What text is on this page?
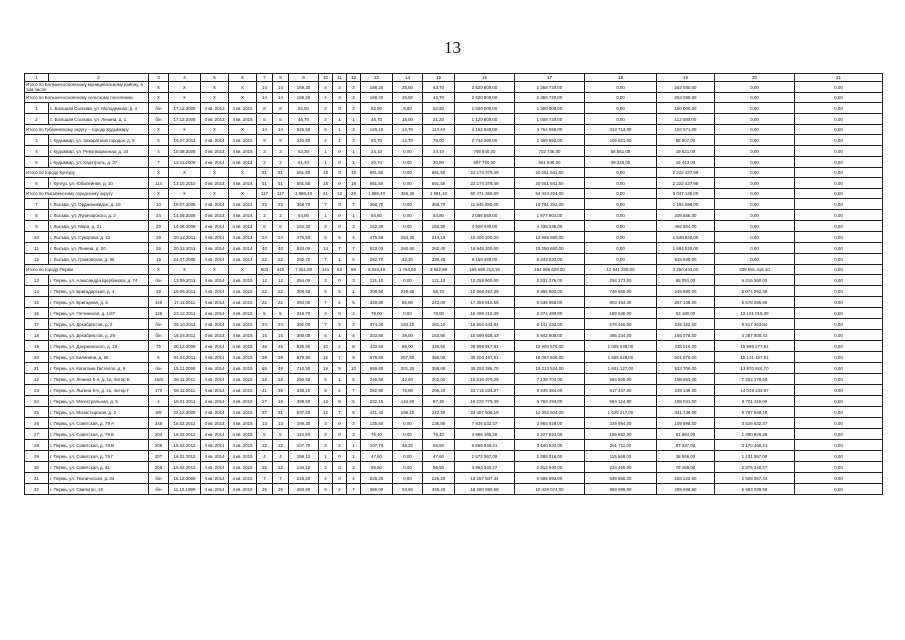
13
1	2	3	4	5	6	7	8	9	10	11	12	13	14	15	16	17	18	19	20	21
Итого по Большесосновскому муниципальному району, в том числе		X	X	X	X	14	14	169,20	4	3	3	169,20	25,50	43,70	2 620 800,00	2 358 720,00	0,00	262 080,00	0,00	0,00
Итого по Большесосновскому сельскому поселению		X	X	X	X	14	14	169,20	4	3	3	169,20	25,50	43,70	2 620 800,00	2 358 720,00	0,00	262 080,00	0,00	0,00
1	с. Большая Соснова, ул. Молодежная, д. 4	б/н	17.12.2009	4 кв. 2013	4 кв. 2015	8	8	62,50	2	0	2	62,50	9,60	62,50	1 500 000,00	1 350 000,00	0,00	150 000,00	0,00	0,00
2	с. Большая Соснова, ул. Ленина, д. 1	б/н	17.12.2009	4 кв. 2013	4 кв. 2015	6	6	46,70	2	1	1	46,70	15,90	21,20	1 120 800,00	1 008 720,00	0,00	112 080,00	0,00	0,00
Итого по Губахинскому округу – городу Кудымкару		X	X	X	X	14	14	925,50	5	1	3	120,10	14,70	114,40	4 162 840,00	3 764 556,00	313 713,00	104 571,00	0,00	0,00
3	г. Кудымкар, ул. Захаратный городок, д. 9	5	16.07.2011	4 кв. 2014	4 кв. 2015	9	9	220,50	4	1	3	93,70	14,70	79,00	2 744 280,00	2 469 852,00	205 821,00	68 607,00	0,00	0,00
4	г. Кудымкар, ул. Революционная, д. 24	4	10.08.2009	4 кв. 2014	4 кв. 2015	3	3	63,30	1	0	1	24,10	0,00	24,10	769 840,00	702 736,00	58 561,00	19 521,00	0,00	0,00
5	г. Кудымкар, ул. Хадзтроль, д. 37	7	12.11.2009	4 кв. 2014	4 кв. 2014	2	2	81,40	1	0	1	20,70	0,00	20,90	657 720,00	591 948,00	49 329,00	16 443,00	0,00	0,00
Итого по городу Кунгуру		X	X	X	X	51	51	691,50	18	0	18	691,50	0,00	691,50	22 274 379,48	20 051 941,50	0,00	2 222 437,98	0,00	0,00
6	г. Кунгур, ул. Юбилейная, д. 10	114	13.10.2010	4 кв. 2014	4 кв. 2014	51	51	691,50	18	0	18	691,50	0,00	691,50	22 274 379,48	20 051 941,50	0,00	2 222 437,98	0,00	0,00
Итого по Лысьвенскому городскому округу		X	X	X	X	117	117	1 886,40	41	13	28	1 886,40	365,30	1 591,10	60 471 360,00	54 424 224,00	0,00	6 047 136,00	0,00	0,00
7	г. Лысьва, ул. Орджоникидзе, д. 19	10	19.07.2006	4 кв. 2014	4 кв. 2014	23	23	368,70	7	0	7	368,70	0,00	368,70	11 945 880,00	10 751 292,00	0,00	1 194 588,00	0,00	0,00
8	г. Лысьва, ул. Луначарского, д. 2	24	14.08.2008	4 кв. 2014	4 кв. 2014	2	2	64,80	1	0	1	64,80	0,00	64,80	2 086 560,00	1 877 904,00	0,00	208 656,00	0,00	0,00
9	г. Лысьва, ул. Мира, д. 21	29	14.08.2008	4 кв. 2014	4 кв. 2014	6	6	152,30	3	0	3	152,30	0,00	152,30	4 928 040,00	4 435 236,00	0,00	492 804,00	0,00	0,00
10	г. Лысьва, ул. Суворова, д. 22	28	20.12.2011	4 кв. 2014	4 кв. 2014	24	24	475,50	5	5	4	475,50	263,40	214,10	15 406 200,00	13 865 580,00	0,00	1 540 620,00	0,00	0,00
11	г. Лысьва, ул. Ленина, д. 20	26	20.12.2011	4 кв. 2014	4 кв. 2014	40	40	523,00	14	7	7	523,00	260,60	262,40	16 945 200,00	15 250 680,00	0,00	1 694 520,00	0,00	0,00
12	г. Лысьва, ул. Громовская, д. 96	16	24.07.2008	4 кв. 2014	4 кв. 2014	22	22	282,70	7	1	6	282,70	43,30	239,40	9 159 480,00	8 243 532,00	0,00	915 948,00	0,00	0,00
Итого по городу Перми		X	X	X	X	503	440	7 361,90	141	53	88	5 326,49	1 764,50	3 562,99	169 689 213,16	154 066 629,00	12 541 335,00	4 250 443,00	339 591 415,10	0,00
13	г. Пермь, ул. Александра Щербакова, д. 74	б/н	13.09.2011	4 кв. 2014	4 кв. 2015	12	12	354,00	3	0	3	121,10	0,00	121,10	10 259 900,00	3 531 276,00	294 273,00	98 091,00	6 316 260,00	0,00
14	г. Пермь, ул. Бригадирская, д. 4	28	16.06.2011	4 кв. 2014	4 кв. 2015	22	22	308,50	6	5	1	308,50	229,80	68,70	10 669 492,39	9 995 860,00	749 655,00	249 885,00	5 074 092,39	0,00
15	г. Пермь, ул. Бригадная, д. 5	146	17.11.2011	4 кв. 2014	4 кв. 2015	22	22	394,00	7	2	5	329,80	86,80	243,00	17 359 815,56	9 636 968,00	803 484,00	267 108,00	6 678 285,56	0,00
16	г. Пермь, ул. Гатчинская, д. 1/37	125	23.12.2011	4 кв. 2014	4 кв. 2015	5	5	316,70	2	0	2	78,00	0,00	78,00	15 499 215,39	2 274 480,00	189 540,00	63 180,00	13 121 015,39	0,00
17	г. Пермь, ул. Декабристов, д. 2	б/н	25.10.2011	4 кв. 2014	4 кв. 2015	24	24	392,00	7	5	2	374,20	193,10	181,10	18 563 443,84	8 141 432,00	678 456,00	226 152,00	9 517 363,84	0,00
18	г. Пермь, ул. Декабристов, д. 29	б/н	18.04.2011	4 кв. 2014	4 кв. 2015	15	15	300,00	5	1	4	203,80	39,90	163,90	10 590 928,43	5 942 808,00	495 234,00	165 078,00	4 367 808,43	0,00
19	г. Пермь, ул. Дзержинского, д. 18	75	30.12.2009	4 кв. 2014	4 кв. 2015	46	45	526,90	10	2	8	433,60	85,00	325,60	28 998 917,81	12 904 576,00	1 005 048,00	335 016,00	15 998 277,81	0,00
20	г. Пермь, ул. Калинина, д. 66	6	04.04.2011	4 кв. 2014	4 кв. 2015	39	39	679,80	16	7	9	679,80	257,60	356,00	35 200 497,81	18 067 536,00	1 505 628,00	501 876,00	15 131 457,81	0,00
21	г. Пермь, ул. Капитана Гастелло, д. 6	б/н	15.12.2009	4 кв. 2014	4 кв. 2015	65	49	710,50	19	9	10	659,80	301,20	358,60	35 293 286,70	19 213 524,00	1 601 127,00	533 709,00	13 870 926,70	0,00
22	г. Пермь, ул. Ленина 5-я, д. 1а, литер Б	16/8	08.11.2011	4 кв. 2014	4 кв. 2015	18	18	256,50	6	1	5	246,50	42,60	202,00	15 516 376,29	7 138 704,00	594 505,00	198 853,00	7 202 178,29	0,00
23	г. Пермь, ул. Лыгина 5-я, д. 1а, литер Г	170	08.11.2011	4 кв. 2014	4 кв. 2015	41	38	338,10	9	2	7	282,90	76,80	206,10	23 715 234,97	8 249 384,00	617 447,00	229 149,00	14 049 234,97	0,00
24	г. Пермь, ул. Магистральная, д. 5	4	19.01.2011	4 кв. 2014	4 кв. 2016	27	18	399,60	13	8	5	232,15	144,80	87,35	16 222 779,39	6 769 494,00	564 124,80	188 041,50	8 701 119,09	0,00
25	г. Пермь, ул. Монастырская, д. 2	9/8	22.12.2009	4 кв. 2014	4 кв. 2016	37	31	537,20	12	7	5	421,40	199,10	222,30	23 457 508,18	12 302 604,00	1 025 217,00	341 739,00	9 787 948,18	0,00
26	г. Пермь, ул. Советская, д. 79 А	245	16.02.2012	4 кв. 2014	4 кв. 2015	13	13	199,20	3	0	3	135,80	0,00	135,80	7 926 532,37	3 965 928,00	329 994,00	109 998,00	3 526 632,37	0,00
27	г. Пермь, ул. Советская, д. 79 Б	204	16.02.2012	4 кв. 2014	4 кв. 2015	5	5	110,50	3	0	3	76,40	0,00	76,40	3 966 186,28	2 227 824,00	185 652,00	61 884,00	1 490 826,28	0,00
28	г. Пермь, ул. Советская, д. 79 В	205	16.02.2012	4 кв. 2014	4 кв. 2015	12	12	107,70	3	2	1	107,70	48,20	59,50	6 659 948,21	3 140 532,00	261 711,00	87 237,00	3 170 468,21	0,00
29	г. Пермь, ул. Советская, д. 79 Г	207	16.02.2012	4 кв. 2014	4 кв. 2015	4	4	159,10	1	0	1	47,60	0,00	47,60	2 673 367,08	1 388 016,00	115 668,00	38 556,00	1 131 067,08	0,00
30	г. Пермь, ул. Советская, д. 81	208	16.02.2012	4 кв. 2014	4 кв. 2015	15	12	134,10	2	0	2	96,50	0,00	96,50	3 963 340,27	2 813 940,00	234 495,00	78 165,00	2 376 340,27	0,00
31	г. Пермь, ул. Техническая, д. 24	б/н	16.12.2009	4 кв. 2014	4 кв. 2015	7	7	226,20	4	0	4	226,20	0,00	226,20	10 257 947,44	6 595 992,00	549 666,00	183 222,00	2 929 067,44	0,00
32	г. Пермь, ул. Свиязтон, 19	б/н	11.10.1999	4 кв. 2014	4 кв. 2016	25	25	483,80	9	2	7	369,00	53,60	345,40	18 280 899,58	10 429 074,00	869 089,50	289 696,50	6 693 039,58	0,00
